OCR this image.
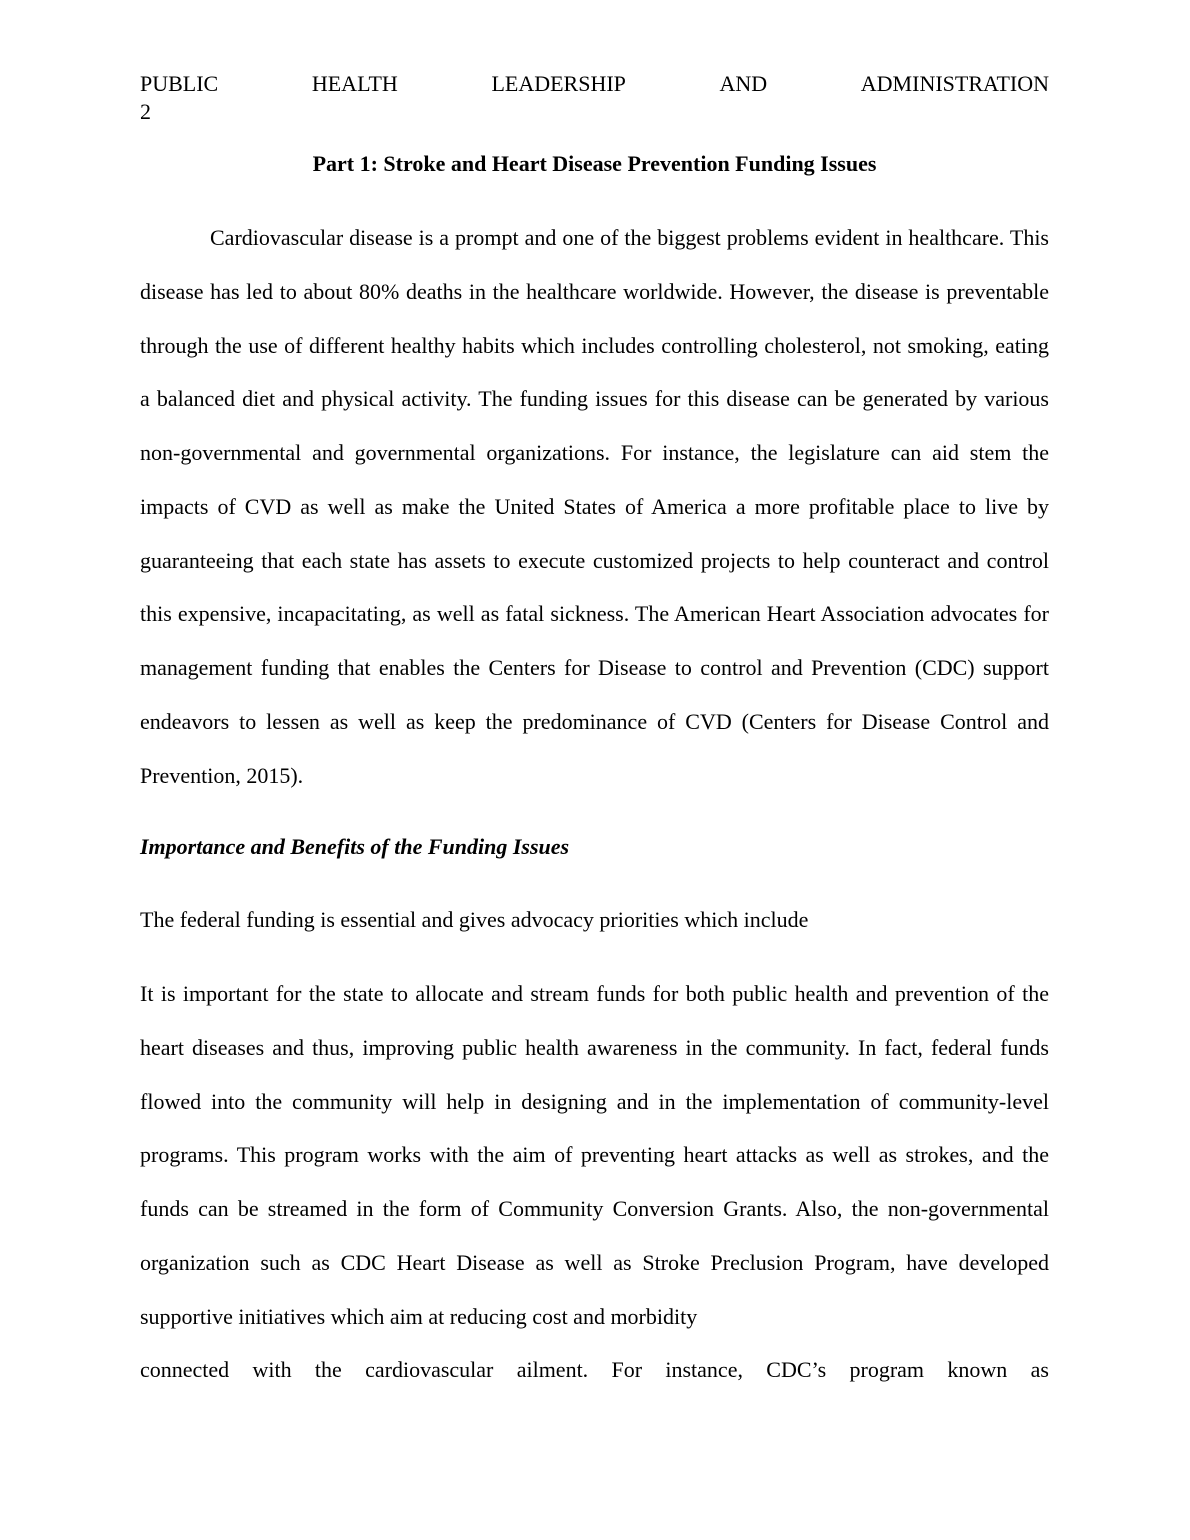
PUBLIC	HEALTH	LEADERSHIP	AND	ADMINISTRATION
2
Part 1: Stroke and Heart Disease Prevention Funding Issues

Cardiovascular disease is a prompt and one of the biggest problems evident in healthcare. This disease has led to about 80% deaths in the healthcare worldwide. However, the disease is preventable through the use of different healthy habits which includes controlling cholesterol, not smoking, eating a balanced diet and physical activity. The funding issues for this disease can be generated by various non-governmental and governmental organizations. For instance, the legislature can aid stem the impacts of CVD as well as make the United States of America a more profitable place to live by guaranteeing that each state has assets to execute customized projects to help counteract and control this expensive, incapacitating, as well as fatal sickness. The American Heart Association advocates for management funding that enables the Centers for Disease to control and Prevention (CDC) support endeavors to lessen as well as keep the predominance of CVD (Centers for Disease Control and Prevention, 2015).

Importance and Benefits of the Funding Issues

The federal funding is essential and gives advocacy priorities which include

It is important for the state to allocate and stream funds for both public health and prevention of the heart diseases and thus, improving public health awareness in the community. In fact, federal funds flowed into the community will help in designing and in the implementation of community-level programs. This program works with the aim of preventing heart attacks as well as strokes, and the funds can be streamed in the form of Community Conversion Grants. Also, the non-governmental organization such as CDC Heart Disease as well as Stroke Preclusion Program, have developed supportive initiatives which aim at reducing cost and morbidity
connected with the cardiovascular ailment. For instance, CDC’s program known as
